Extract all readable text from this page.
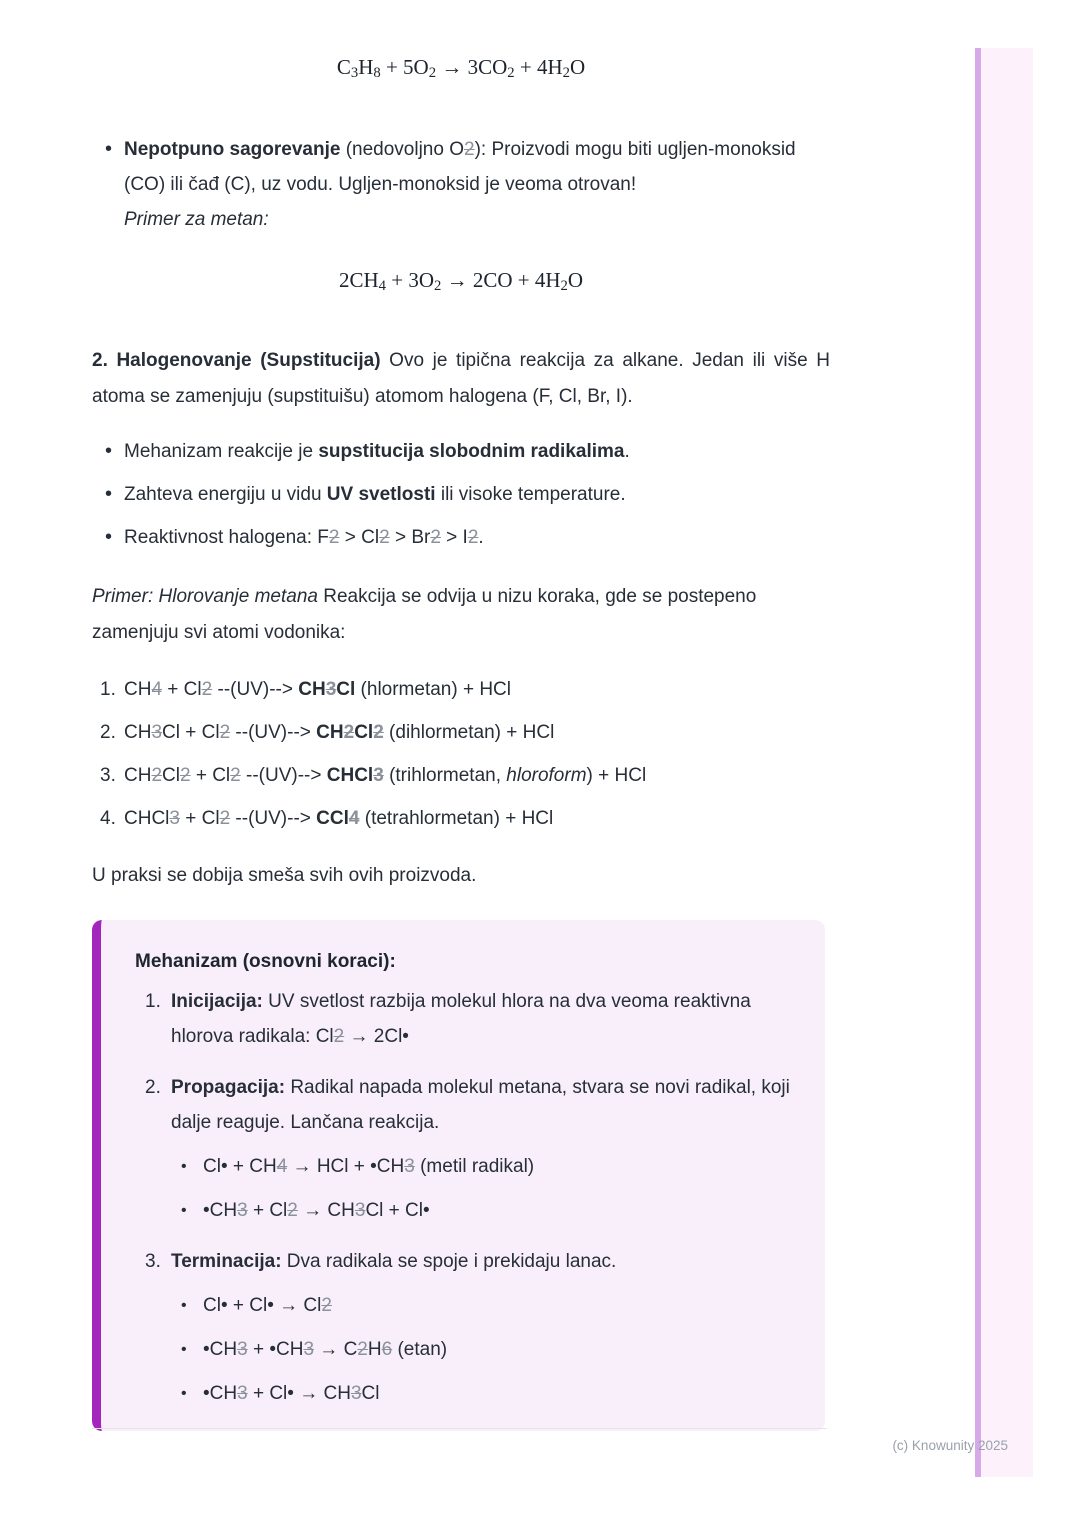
C3H8 + 5O2 → 3CO2 + 4H2O
• Nepotpuno sagorevanje (nedovoljno O2): Proizvodi mogu biti ugljen-monoksid (CO) ili čađ (C), uz vodu. Ugljen-monoksid je veoma otrovan!
Primer za metan:
2CH4 + 3O2 → 2CO + 4H2O
2. Halogenovanje (Supstitucija) Ovo je tipična reakcija za alkane. Jedan ili više H atoma se zamenjuju (supstituišu) atomom halogena (F, Cl, Br, I).
• Mehanizam reakcije je supstitucija slobodnim radikalima.
• Zahteva energiju u vidu UV svetlosti ili visoke temperature.
• Reaktivnost halogena: F2 > Cl2 > Br2 > I2.
Primer: Hlorovanje metana Reakcija se odvija u nizu koraka, gde se postepeno zamenjuju svi atomi vodonika:
1. CH4 + Cl2 --(UV)--> CH3Cl (hlormetan) + HCl
2. CH3Cl + Cl2 --(UV)--> CH2Cl2 (dihlormetan) + HCl
3. CH2Cl2 + Cl2 --(UV)--> CHCl3 (trihlormetan, hloroform) + HCl
4. CHCl3 + Cl2 --(UV)--> CCl4 (tetrahlormetan) + HCl
U praksi se dobija smeša svih ovih proizvoda.
Mehanizam (osnovni koraci):
1. Inicijacija: UV svetlost razbija molekul hlora na dva veoma reaktivna hlorova radikala: Cl2 → 2Cl•
2. Propagacija: Radikal napada molekul metana, stvara se novi radikal, koji dalje reaguje. Lančana reakcija.
• Cl• + CH4 → HCl + •CH3 (metil radikal)
• •CH3 + Cl2 → CH3Cl + Cl•
3. Terminacija: Dva radikala se spoje i prekidaju lanac.
• Cl• + Cl• → Cl2
• •CH3 + •CH3 → C2H6 (etan)
• •CH3 + Cl• → CH3Cl
(c) Knowunity 2025
